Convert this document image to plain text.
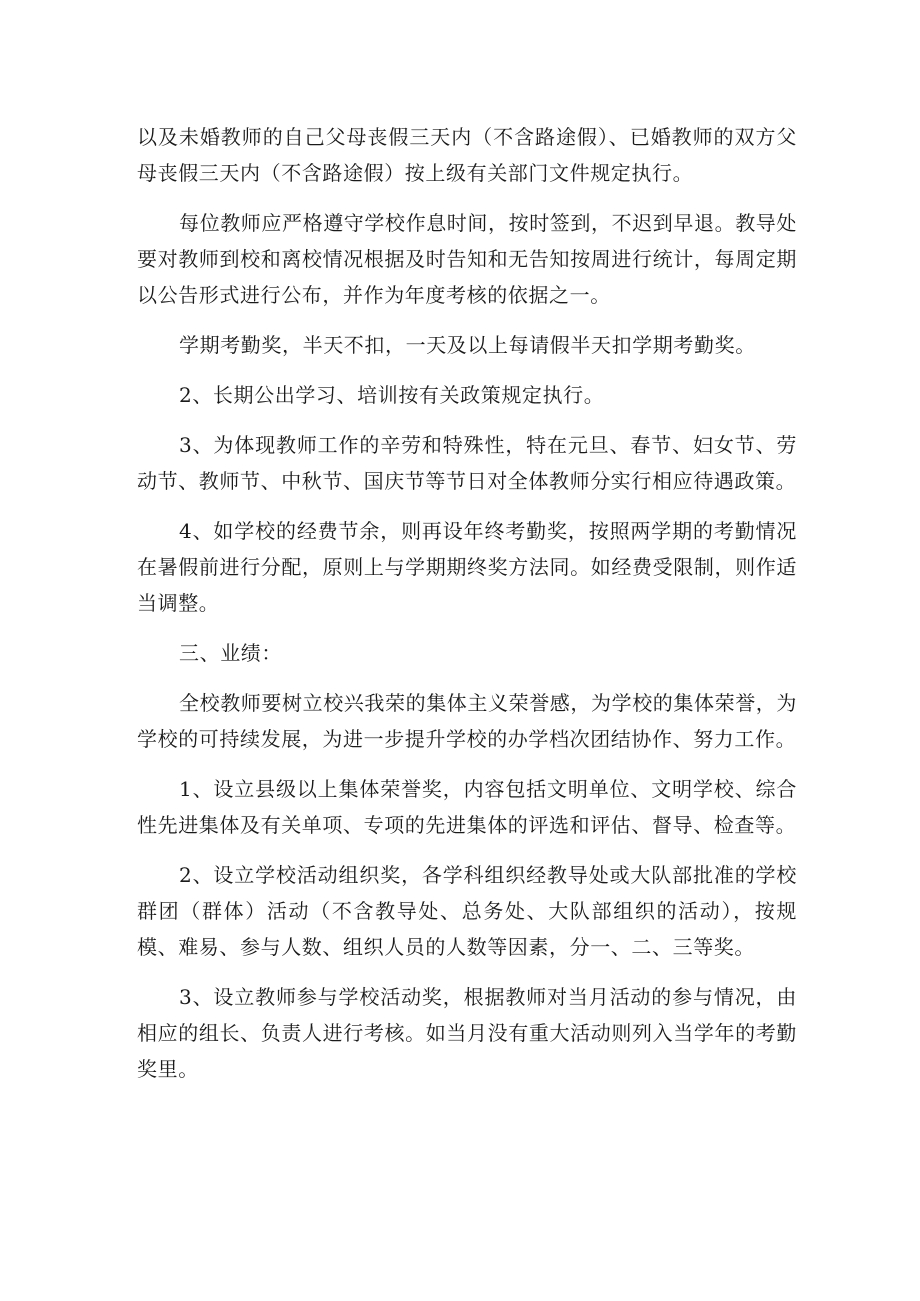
以及未婚教师的自己父母丧假三天内（不含路途假）、已婚教师的双方父母丧假三天内（不含路途假）按上级有关部门文件规定执行。

每位教师应严格遵守学校作息时间，按时签到，不迟到早退。教导处要对教师到校和离校情况根据及时告知和无告知按周进行统计，每周定期以公告形式进行公布，并作为年度考核的依据之一。

学期考勤奖，半天不扣，一天及以上每请假半天扣学期考勤奖。

2、长期公出学习、培训按有关政策规定执行。

3、为体现教师工作的辛劳和特殊性，特在元旦、春节、妇女节、劳动节、教师节、中秋节、国庆节等节日对全体教师分实行相应待遇政策。

4、如学校的经费节余，则再设年终考勤奖，按照两学期的考勤情况在暑假前进行分配，原则上与学期期终奖方法同。如经费受限制，则作适当调整。

三、业绩：

全校教师要树立校兴我荣的集体主义荣誉感，为学校的集体荣誉，为学校的可持续发展，为进一步提升学校的办学档次团结协作、努力工作。

1、设立县级以上集体荣誉奖，内容包括文明单位、文明学校、综合性先进集体及有关单项、专项的先进集体的评选和评估、督导、检查等。

2、设立学校活动组织奖，各学科组织经教导处或大队部批准的学校群团（群体）活动（不含教导处、总务处、大队部组织的活动），按规模、难易、参与人数、组织人员的人数等因素，分一、二、三等奖。

3、设立教师参与学校活动奖，根据教师对当月活动的参与情况，由相应的组长、负责人进行考核。如当月没有重大活动则列入当学年的考勤奖里。
